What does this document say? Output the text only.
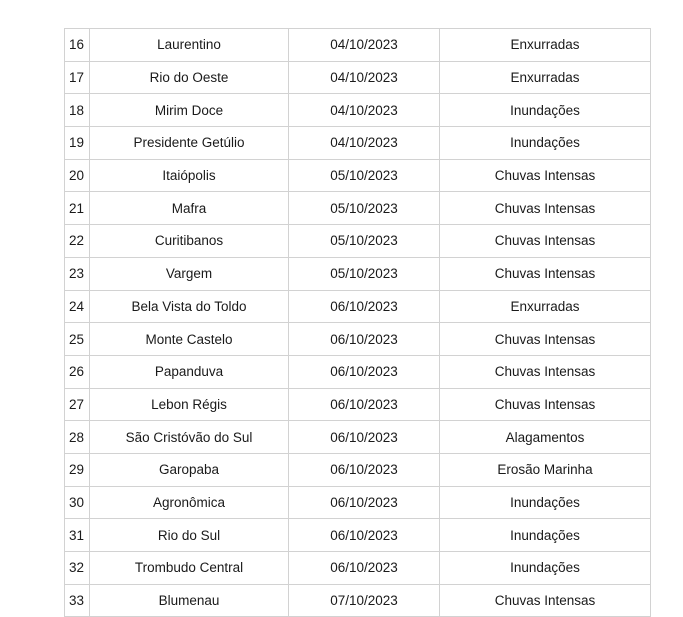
16	Laurentino	04/10/2023	Enxurradas
17	Rio do Oeste	04/10/2023	Enxurradas
18	Mirim Doce	04/10/2023	Inundações
19	Presidente Getúlio	04/10/2023	Inundações
20	Itaiópolis	05/10/2023	Chuvas Intensas
21	Mafra	05/10/2023	Chuvas Intensas
22	Curitibanos	05/10/2023	Chuvas Intensas
23	Vargem	05/10/2023	Chuvas Intensas
24	Bela Vista do Toldo	06/10/2023	Enxurradas
25	Monte Castelo	06/10/2023	Chuvas Intensas
26	Papanduva	06/10/2023	Chuvas Intensas
27	Lebon Régis	06/10/2023	Chuvas Intensas
28	São Cristóvão do Sul	06/10/2023	Alagamentos
29	Garopaba	06/10/2023	Erosão Marinha
30	Agronômica	06/10/2023	Inundações
31	Rio do Sul	06/10/2023	Inundações
32	Trombudo Central	06/10/2023	Inundações
33	Blumenau	07/10/2023	Chuvas Intensas
